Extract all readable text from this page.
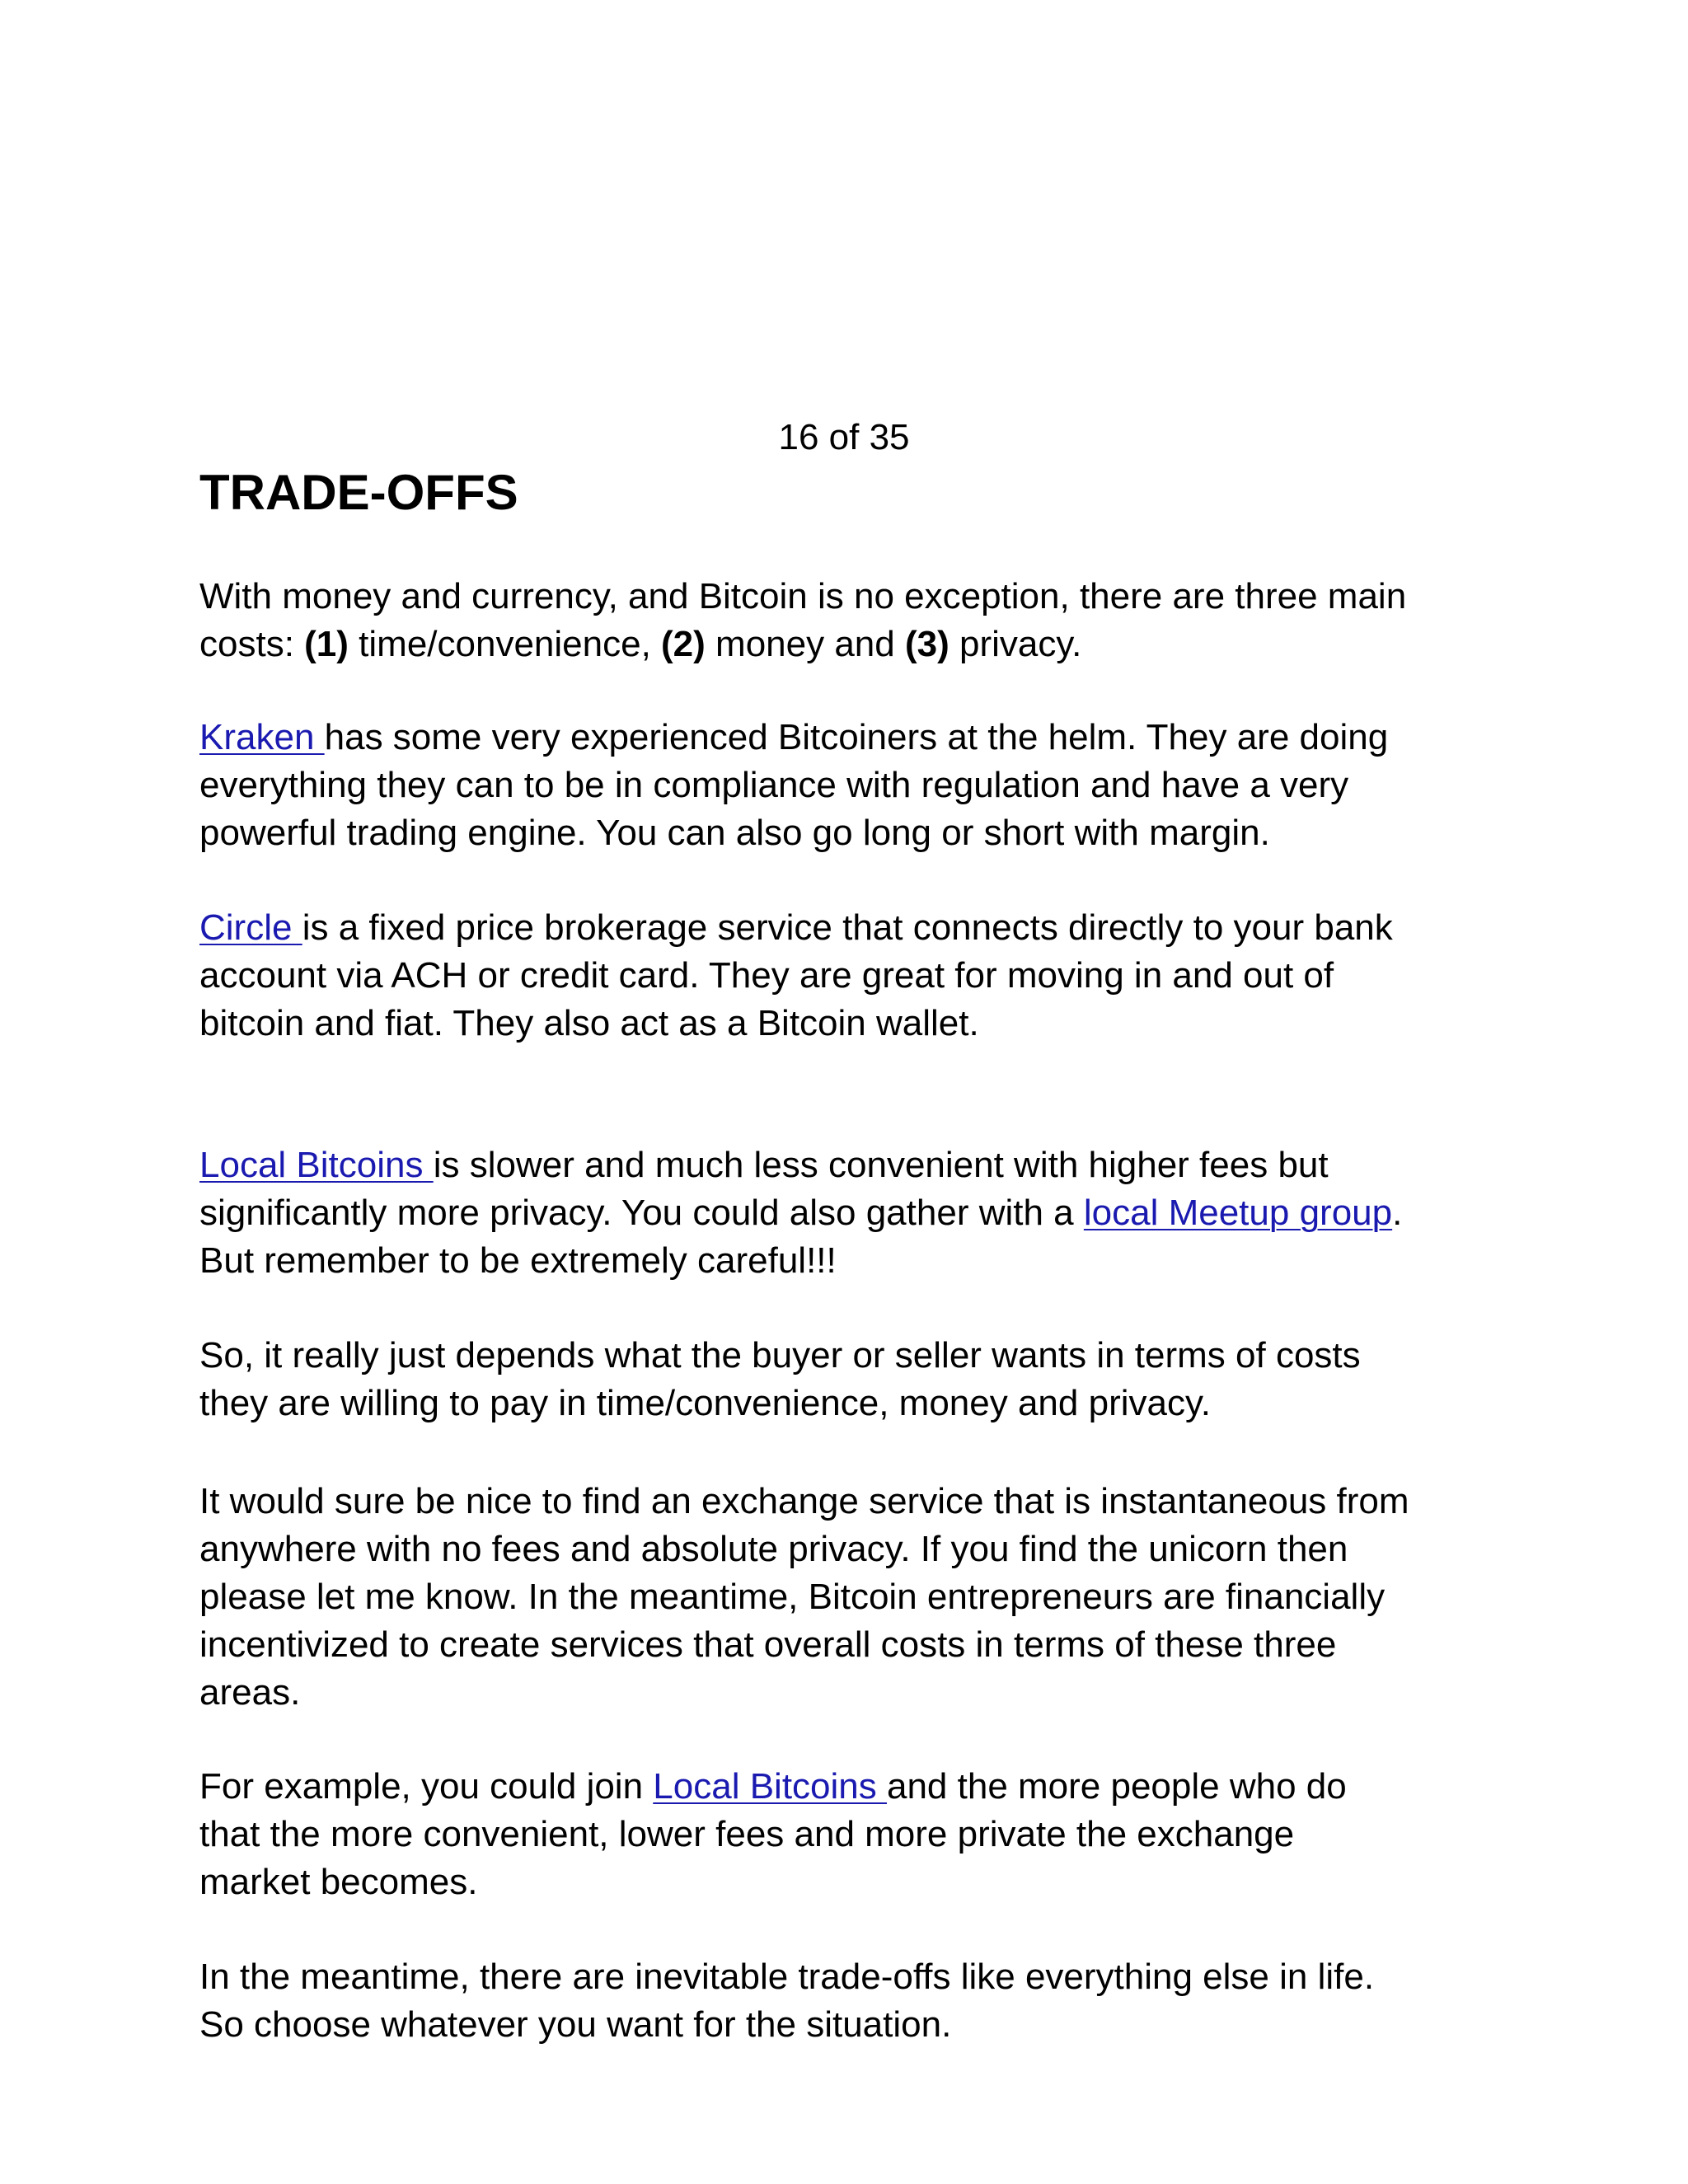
16 of 35
TRADE-OFFS

With money and currency, and Bitcoin is no exception, there are three main
costs: (1) time/convenience, (2) money and (3) privacy.

Kraken has some very experienced Bitcoiners at the helm. They are doing
everything they can to be in compliance with regulation and have a very
powerful trading engine. You can also go long or short with margin.

Circle is a fixed price brokerage service that connects directly to your bank
account via ACH or credit card. They are great for moving in and out of
bitcoin and fiat. They also act as a Bitcoin wallet.

Local Bitcoins is slower and much less convenient with higher fees but
significantly more privacy. You could also gather with a local Meetup group.
But remember to be extremely careful!!!

So, it really just depends what the buyer or seller wants in terms of costs
they are willing to pay in time/convenience, money and privacy.

It would sure be nice to find an exchange service that is instantaneous from
anywhere with no fees and absolute privacy. If you find the unicorn then
please let me know. In the meantime, Bitcoin entrepreneurs are financially
incentivized to create services that overall costs in terms of these three
areas.

For example, you could join Local Bitcoins and the more people who do
that the more convenient, lower fees and more private the exchange
market becomes.

In the meantime, there are inevitable trade-offs like everything else in life.
So choose whatever you want for the situation.
